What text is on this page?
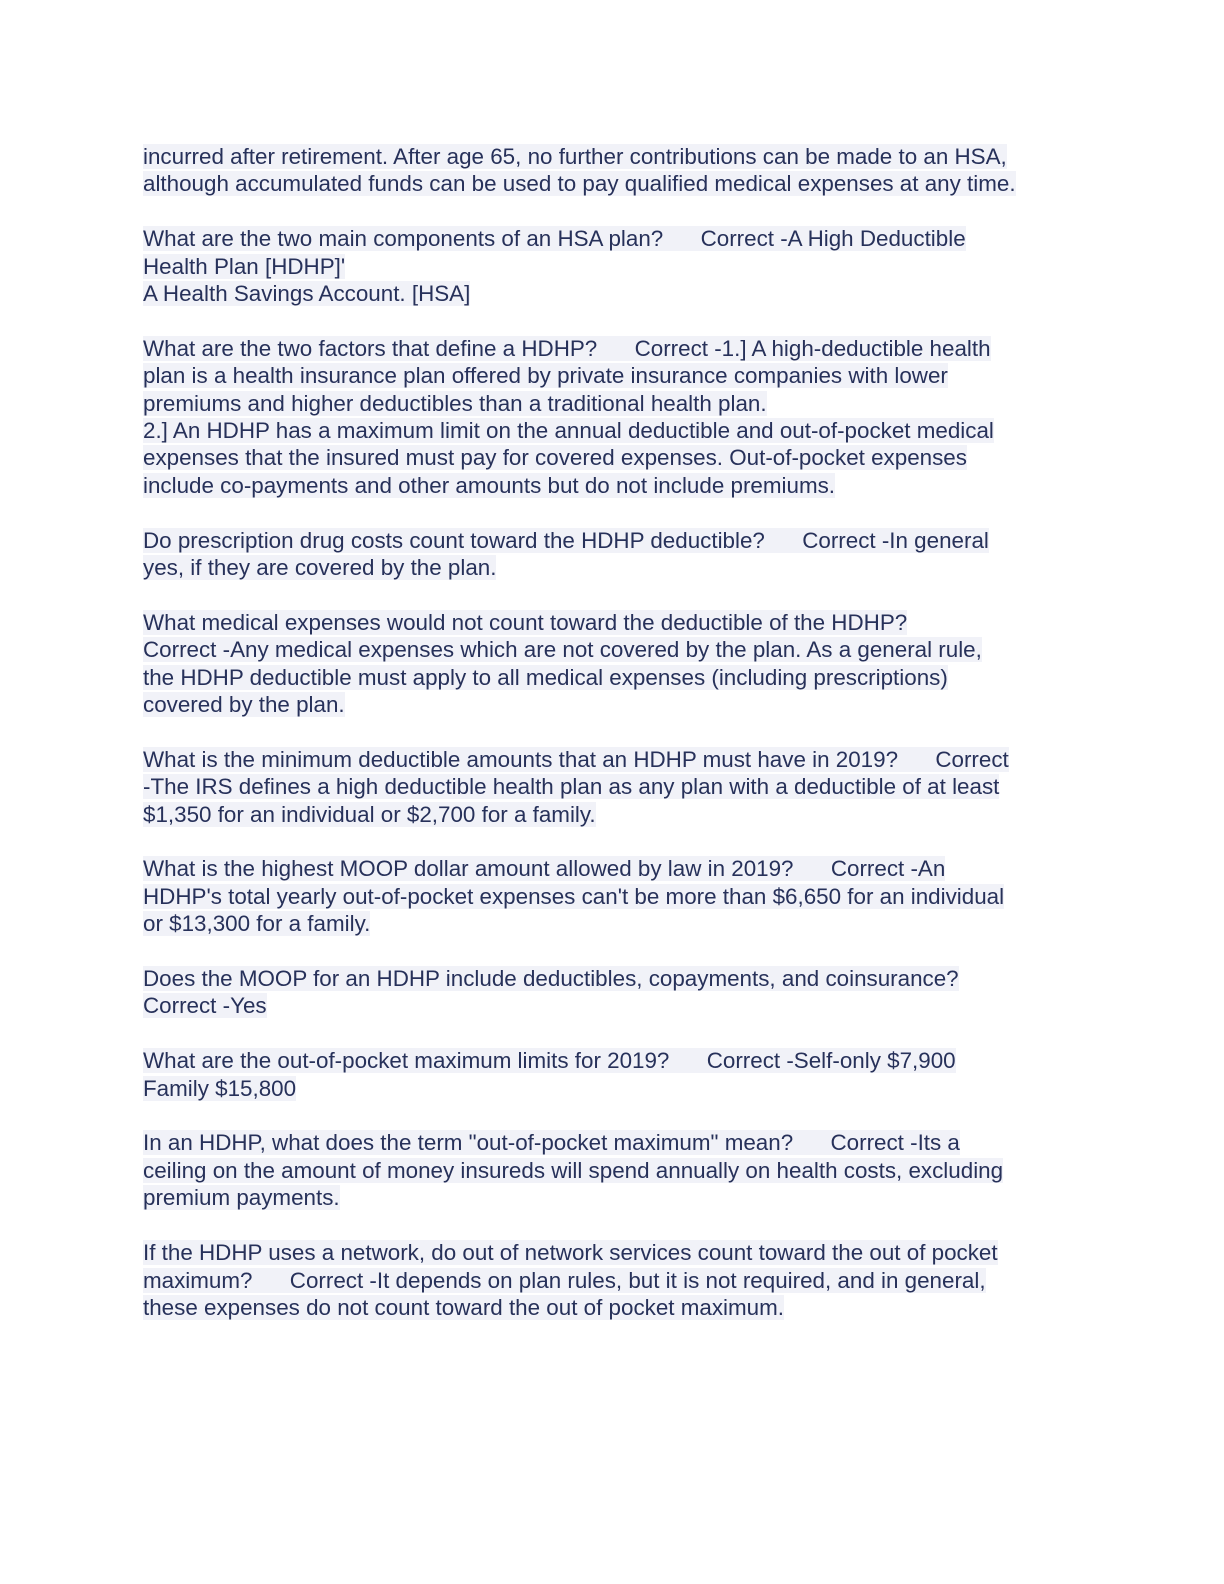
incurred after retirement. After age 65, no further contributions can be made to an HSA,
although accumulated funds can be used to pay qualified medical expenses at any time.
What are the two main components of an HSA plan?      Correct -A High Deductible
Health Plan [HDHP]'
A Health Savings Account. [HSA]
What are the two factors that define a HDHP?      Correct -1.] A high-deductible health
plan is a health insurance plan offered by private insurance companies with lower
premiums and higher deductibles than a traditional health plan.
2.] An HDHP has a maximum limit on the annual deductible and out-of-pocket medical
expenses that the insured must pay for covered expenses. Out-of-pocket expenses
include co-payments and other amounts but do not include premiums.
Do prescription drug costs count toward the HDHP deductible?      Correct -In general
yes, if they are covered by the plan.
What medical expenses would not count toward the deductible of the HDHP?
Correct -Any medical expenses which are not covered by the plan. As a general rule,
the HDHP deductible must apply to all medical expenses (including prescriptions)
covered by the plan.
What is the minimum deductible amounts that an HDHP must have in 2019?      Correct
-The IRS defines a high deductible health plan as any plan with a deductible of at least
$1,350 for an individual or $2,700 for a family.
What is the highest MOOP dollar amount allowed by law in 2019?      Correct -An
HDHP's total yearly out-of-pocket expenses can't be more than $6,650 for an individual
or $13,300 for a family.
Does the MOOP for an HDHP include deductibles, copayments, and coinsurance?
Correct -Yes
What are the out-of-pocket maximum limits for 2019?      Correct -Self-only $7,900
Family $15,800
In an HDHP, what does the term "out-of-pocket maximum" mean?      Correct -Its a
ceiling on the amount of money insureds will spend annually on health costs, excluding
premium payments.
If the HDHP uses a network, do out of network services count toward the out of pocket
maximum?      Correct -It depends on plan rules, but it is not required, and in general,
these expenses do not count toward the out of pocket maximum.
